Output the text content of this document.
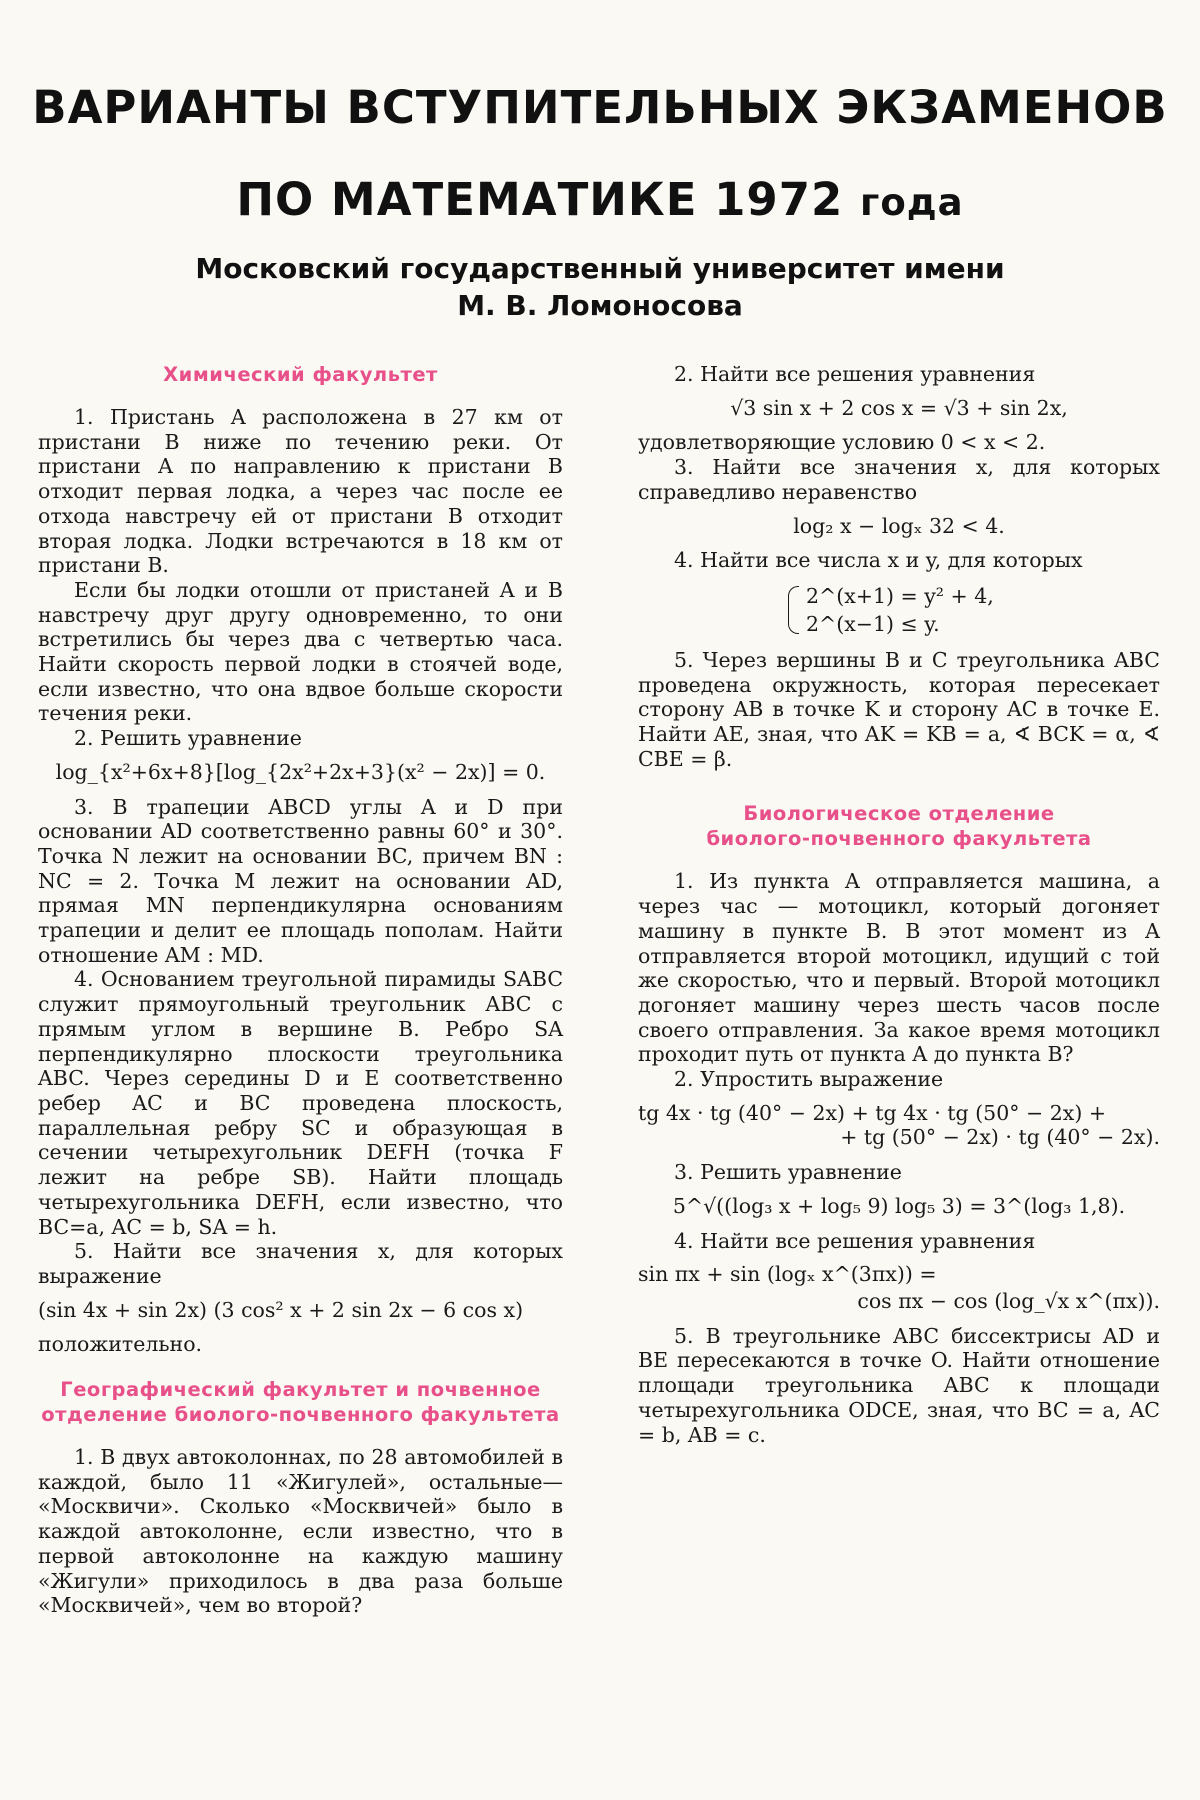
ВАРИАНТЫ ВСТУПИТЕЛЬНЫХ ЭКЗАМЕНОВ
ПО МАТЕМАТИКЕ 1972 года
Московский государственный университет имени
М. В. Ломоносова
Химический факультет

1. Пристань A расположена в 27 км от пристани B ниже по течению реки. От пристани A по направлению к пристани B отходит первая лодка, а через час после ее отхода навстречу ей от пристани B отходит вторая лодка. Лодки встречаются в 18 км от пристани B.

Если бы лодки отошли от пристаней A и B навстречу друг другу одновременно, то они встретились бы через два с четвертью часа. Найти скорость первой лодки в стоячей воде, если известно, что она вдвое больше скорости течения реки.

2. Решить уравнение

log_{x²+6x+8}[log_{2x²+2x+3}(x² − 2x)] = 0.

3. В трапеции ABCD углы A и D при основании AD соответственно равны 60° и 30°. Точка N лежит на основании BC, причем BN : NC = 2. Точка M лежит на основании AD, прямая MN перпендикулярна основаниям трапеции и делит ее площадь пополам. Найти отношение AM : MD.

4. Основанием треугольной пирамиды SABC служит прямоугольный треугольник ABC с прямым углом в вершине B. Ребро SA перпендикулярно плоскости треугольника ABC. Через середины D и E соответственно ребер AC и BC проведена плоскость, параллельная ребру SC и образующая в сечении четырехугольник DEFH (точка F лежит на ребре SB). Найти площадь четырехугольника DEFH, если известно, что BC=a, AC = b, SA = h.

5. Найти все значения x, для которых выражение

(sin 4x + sin 2x) (3 cos² x + 2 sin 2x − 6 cos x)

положительно.

Географический факультет и почвенное
отделение биолого-почвенного факультета

1. В двух автоколоннах, по 28 автомобилей в каждой, было 11 «Жигулей», остальные— «Москвичи». Сколько «Москвичей» было в каждой автоколонне, если известно, что в первой автоколонне на каждую машину «Жигули» приходилось в два раза больше «Москвичей», чем во второй?

2. Найти все решения уравнения

√3 sin x + 2 cos x = √3 + sin 2x,

удовлетворяющие условию 0 < x < 2.

3. Найти все значения x, для которых справедливо неравенство

log₂ x − logₓ 32 < 4.

4. Найти все числа x и y, для которых

2^(x+1) = y² + 4,
2^(x−1) ≤ y.

5. Через вершины B и C треугольника ABC проведена окружность, которая пересекает сторону AB в точке K и сторону AC в точке E. Найти AE, зная, что AK = KB = a, ∢ BCK = α, ∢ CBE = β.

Биологическое отделение
биолого-почвенного факультета

1. Из пункта A отправляется машина, а через час — мотоцикл, который догоняет машину в пункте B. В этот момент из A отправляется второй мотоцикл, идущий с той же скоростью, что и первый. Второй мотоцикл догоняет машину через шесть часов после своего отправления. За какое время мотоцикл проходит путь от пункта A до пункта B?

2. Упростить выражение

tg 4x · tg (40° − 2x) + tg 4x · tg (50° − 2x) +
+ tg (50° − 2x) · tg (40° − 2x).

3. Решить уравнение

5^√((log₃ x + log₅ 9) log₅ 3) = 3^(log₃ 1,8).

4. Найти все решения уравнения

sin πx + sin (logₓ x^(3πx)) =
cos πx − cos (log_√x x^(πx)).

5. В треугольнике ABC биссектрисы AD и BE пересекаются в точке O. Найти отношение площади треугольника ABC к площади четырехугольника ODCE, зная, что BC = a, AC = b, AB = c.
